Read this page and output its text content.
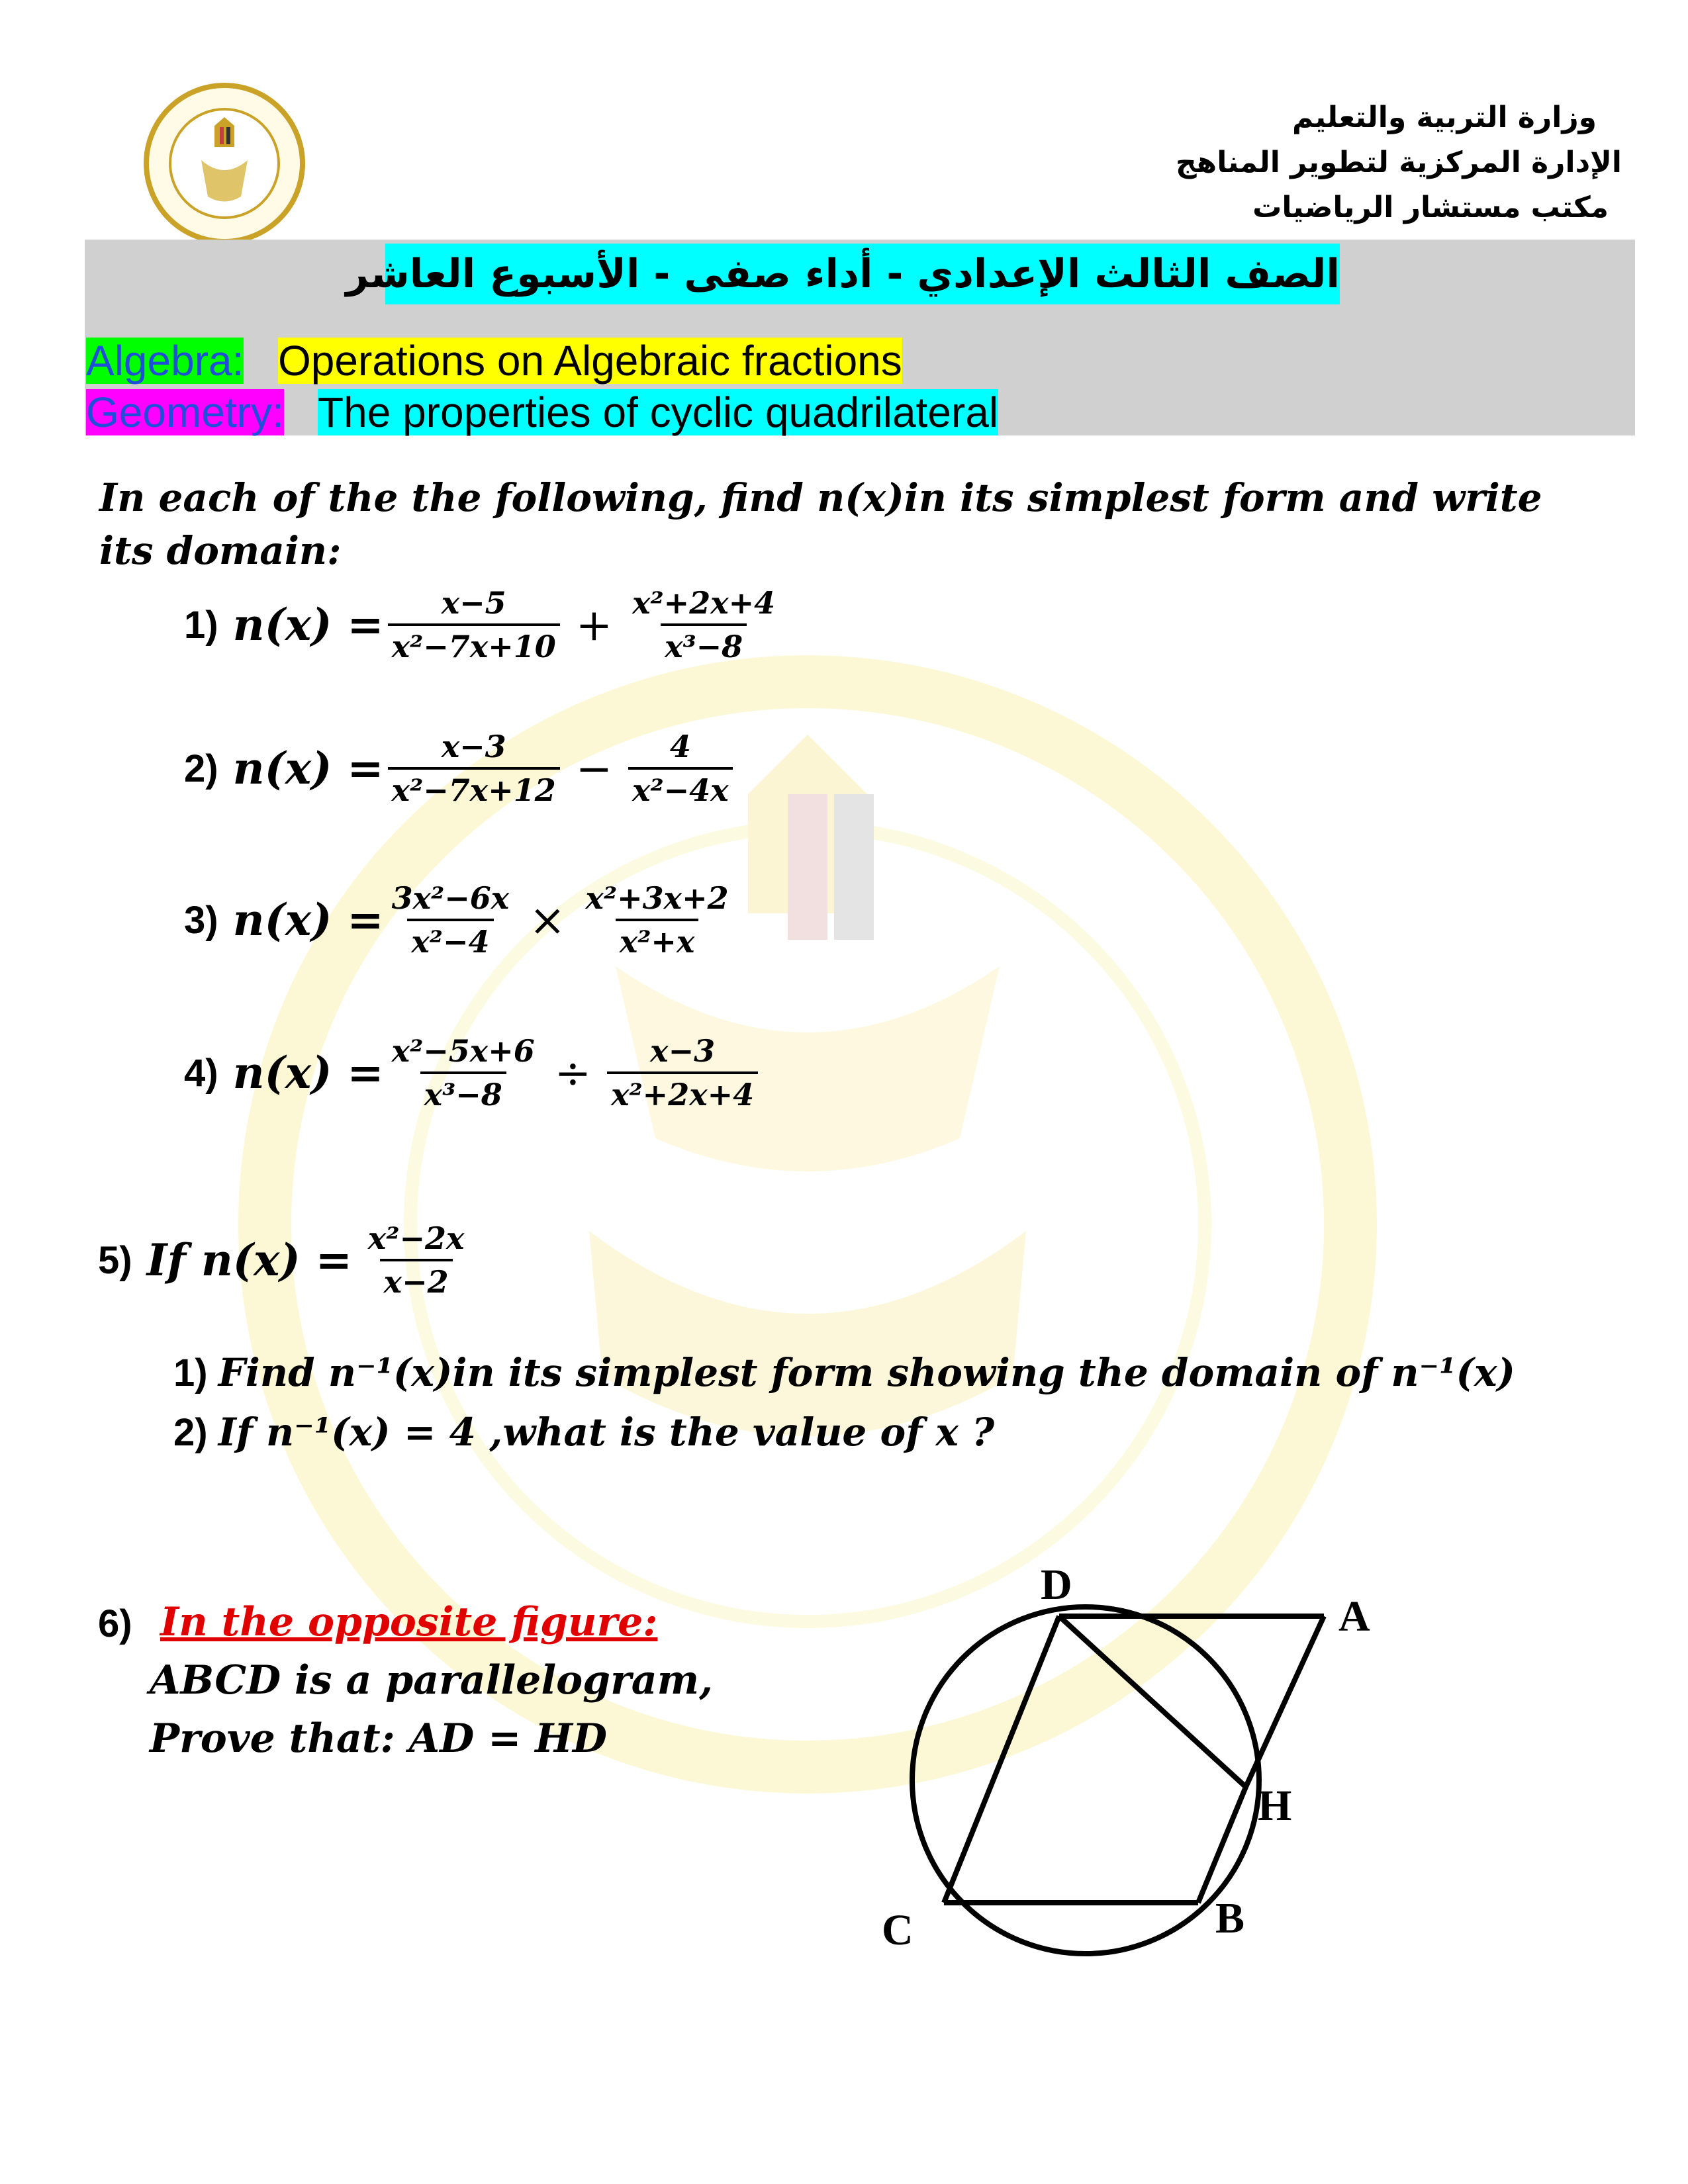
وزارة التربية والتعليم
الإدارة المركزية لتطوير المناهج
مكتب مستشار الرياضيات
الصف الثالث الإعدادي - أداء صفى - الأسبوع العاشر
Algebra: Operations on Algebraic fractions
Geometry: The properties of cyclic quadrilateral
In each of the the following, find n(x)in its simplest form and write
its domain:
1) $n(x) = \frac{x-5}{\text{x²−7x+10}} + \frac{\text{x²+2x+4}}{\text{x³−8}}$
2) $n(x) = \frac{x-3}{\text{x²−7x+12}} - \frac{4}{\text{x²−4x}}$
3) $n(x) = \frac{\text{3x²−6x}}{\text{x²−4}} \times \frac{\text{x²+3x+2}}{\text{x²+x}}$
4) $n(x) = \frac{\text{x²−5x+6}}{\text{x³−8}} \div \frac{x-3}{\text{x²+2x+4}}$
5) If $n(x) = \frac{\text{x²−2x}}{x-2}$
1) Find n⁻¹(x)in its simplest form showing the domain of n⁻¹(x)
2) If n⁻¹(x) = 4 ,what is the value of x ?
6) In the opposite figure:
ABCD is a parallelogram,
Prove that: AD = HD
D
A
H
B
C
